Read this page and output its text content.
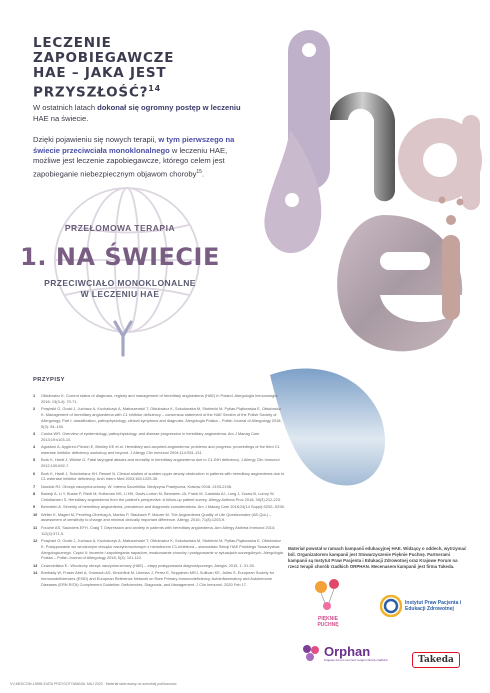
LECZENIE
ZAPOBIEGAWCZE
HAE – JAKA JEST
PRZYSZŁOŚĆ?$^{14}$
W ostatnich latach dokonał się ogromny postęp w leczeniu HAE na świecie.
Dzięki pojawieniu się nowych terapii, w tym pierwszego na świecie przeciwciała monoklonalnego w leczeniu HAE, możliwe jest leczenie zapobiegawcze, którego celem jest zapobieganie niebezpiecznym objawom choroby$^{15}$.
PRZEŁOMOWA TERAPIA
1. NA ŚWIECIE
PRZECIWCIAŁO MONOKLONALNE
W LECZENIU HAE
PRZYPISY
1	Obtułowicz K. Current status of diagnosis, registry and management of hereditary angioedema (HAE) in Poland. Alergologia Immunologia 2016; 13(3-4): 70-71.
2	Porębski G, Gocki J, Juchacz A, Kuchalczyk A, Matuszewski T, Obtułowicz K, Sokołowska M, Stobiecki M, Pytlas-Piątkowska E, Obtułowicz K. Management of hereditary angioedema with C1 inhibitor deficiency – consensus statement of the HAE Section of the Polish Society of Allergology. Part I: classification, pathophysiology, clinical symptoms and diagnosis. Alergologia Polska – Polish Journal of Allergology 2018; 5(3): 94–100.
3	Cunha WR. Overview of epidemiology, pathophysiology, and disease progression in hereditary angioedema. Am J Manag Care 2013;19:s103-10.
4	Agostoni A, Aygören-Pürsün E, Binkley KE et al. Hereditary and acquired angioedema: problems and progress: proceedings of the third C1 esterase inhibitor deficiency workshop and beyond. J Allergy Clin Immunol 2004;114:S51-131.
5	Bork K, Hardt J, Witzke G. Fatal laryngeal attacks and mortality in hereditary angioedema due to C1-INH deficiency. J Allergy Clin Immunol 2012;130:692-7.
6	Bork K, Hardt J, Schicketanz KH, Ressel N. Clinical studies of sudden upper airway obstruction in patients with hereditary angioedema due to C1 esterase inhibitor deficiency. Arch Intern Med 2003;163:1229-35.
7	Nowicki RJ. Obrzęk naczynioruchowy. W: Interna Szczeklika. Medycyna Praktyczna, Kraków 2018: 2193-2198.
8	Banerji A, Li Y, Busse P, Riedl M, Holtzman NS, Li HH, Davis-Lorton M, Bernstein JA, Frank M, Castaldo AJ, Long J, Zuraw B, Lumry W, Christiansen S. Hereditary angioedema from the patient's perspective: A follow-up patient survey. Allergy Asthma Proc 2018; 39(3):212-223.
9	Bernstein A. Severity of hereditary angioedema, prevalence and diagnostic considerations. Am J Manag Care 2018;24(14 Suppl):S292–S298.
10 Weller K, Magerl M, Peveling-Oberhag A, Martus P, Staubach P, Maurer M. The Angioedema Quality of Life Questionnaire (AE-QoL) – assessment of sensitivity to change and minimal clinically important difference. Allergy. 2016; 71(8):1203-9.
11 Fouche AS, Saunders EFH, Craig T. Depression and anxiety in patients with hereditary angioedema. Ann Allergy Asthma Immunol 2014; 112(4):371-5.
12 Porębski G, Gocki J, Juchacz A, Kuchalczyk A, Matuszewski T, Obtułowicz K, Sokołowska M, Stobiecki M, Pytlas-Piątkowska E, Obtułowicz K. Postępowanie we wrodzonym obrzęku naczynioruchowym z niedoborem C1-inhibitora – stanowisko Sekcji HAE Polskiego Towarzystwa Alergologicznego. Część II: leczenie i zapobieganie napadom, ewaluowanie choroby i postępowanie w sytuacjach szczególnych. Alergologia Polska – Polish Journal of Allergology 2018; 5(3): 101-110.
13 Czarnobilska E.: Wrodzony obrzęk naczynioruchowy (HAE) – etapy postępowania diagnostycznego, Alergia, 2015, 1: 31-35.
14 Bredlady W, Fraser Abel A, Grumach AS, Kirschfink M, Litzman J, Perez E, Seppänen MRJ, Sullivan KE, Jolles S. European Society for Immunodeficiencies (ESID) and European Reference Network on Rare Primary Immunodeficiency, Autoinflammatory and Autoimmune Diseases (ERN RITA) Complement Guideline: Deficiencies, Diagnosis, and Management. J Clin Immunol. 2020 Feb 17.
Materiał powstał w ramach kampanii edukacyjnej HAE. Widzący o oddech, wytrzymać ból. Organizatorem kampanii jest Stowarzyszenie Pięknie Puchnę. Partnerami kampanii są Instytut Praw Pacjenta i Edukacji Zdrowotnej oraz Krajowe Forum na rzecz terapii chorób rzadkich ORPHAN. Mecenasem kampanii jest firma Takeda.
PIĘKNIE PUCHNĘ
Instytut Praw Pacjenta i Edukacji Zdrowotnej
Orphan
Krajowe Forum na rzecz terapii chorób rzadkich	Takeda
VV-MEDCOM-19555 /DATA PRZYGOTOWANIA: MAJ 2020 · Materiał skierowany do szerokiej publiczności
